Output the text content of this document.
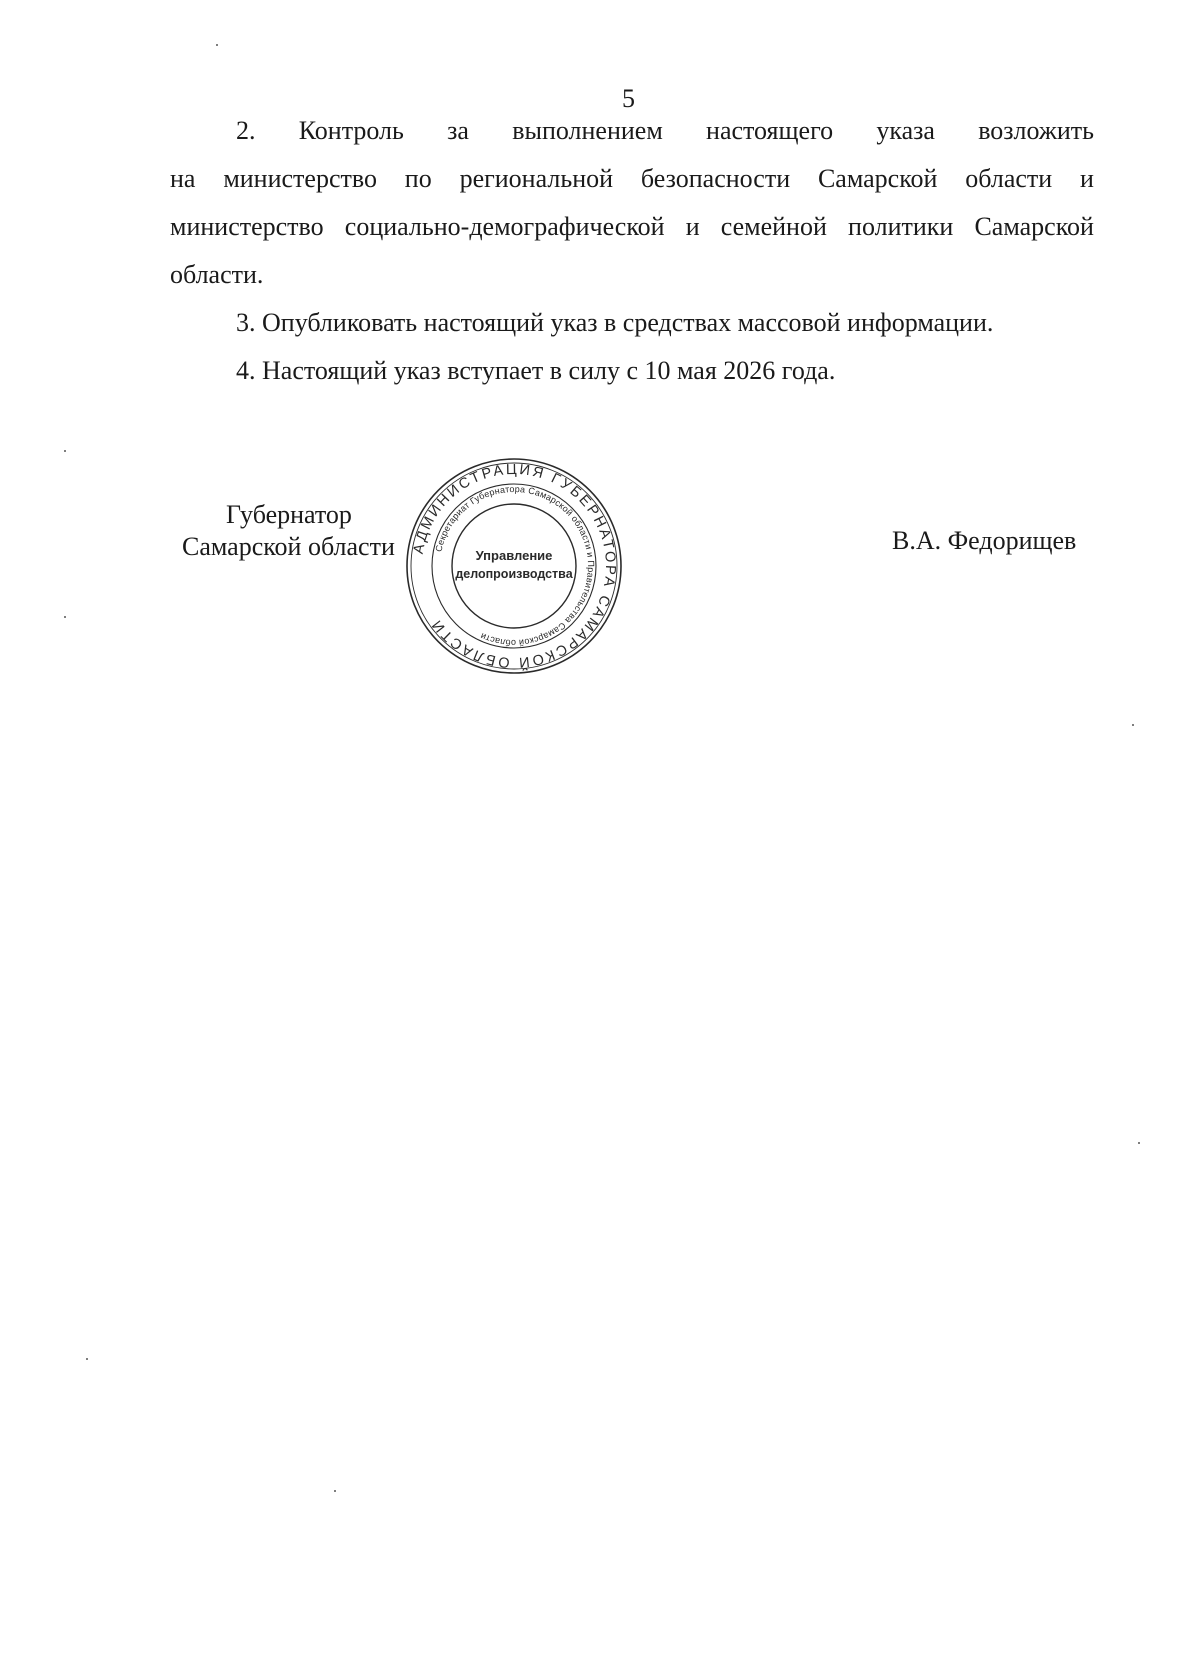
5
2. Контроль за выполнением настоящего указа возложить
на министерство по региональной безопасности Самарской области и
министерство социально-демографической и семейной политики Самарской
области.
3. Опубликовать настоящий указ в средствах массовой информации.
4. Настоящий указ вступает в силу с 10 мая 2026 года.
Губернатор
Самарской области	В.А. Федорищев
АДМИНИСТРАЦИЯ ГУБЕРНАТОРА САМАРСКОЙ ОБЛАСТИ
Секретариат Губернатора Самарской области и Правительства Самарской области
Управление
делопроизводства
